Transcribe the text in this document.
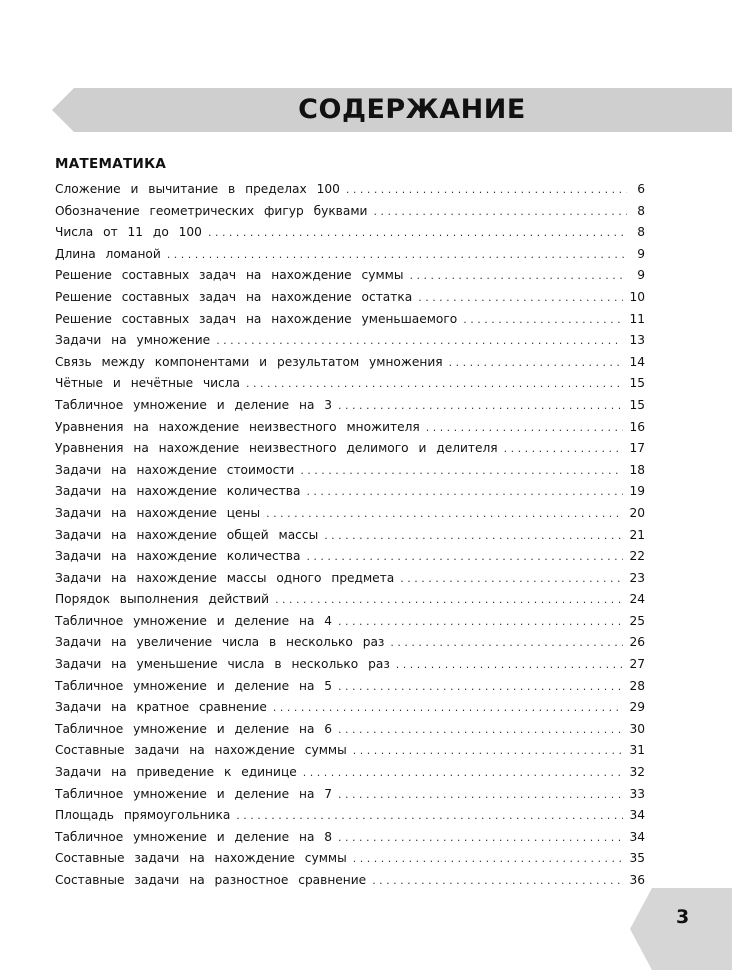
СОДЕРЖАНИЕ
МАТЕМАТИКА
Сложение и вычитание в пределах 100 . . .	6
Обозначение геометрических фигур буквами . . .	8
Числа от 11 до 100 . . .	8
Длина ломаной . . .	9
Решение составных задач на нахождение суммы . . .	9
Решение составных задач на нахождение остатка . . .	10
Решение составных задач на нахождение уменьшаемого . . .	11
Задачи на умножение . . .	13
Связь между компонентами и результатом умножения . . .	14
Чётные и нечётные числа . . .	15
Табличное умножение и деление на 3 . . .	15
Уравнения на нахождение неизвестного множителя . . .	16
Уравнения на нахождение неизвестного делимого и делителя . . .	17
Задачи на нахождение стоимости . . .	18
Задачи на нахождение количества . . .	19
Задачи на нахождение цены . . .	20
Задачи на нахождение общей массы . . .	21
Задачи на нахождение количества . . .	22
Задачи на нахождение массы одного предмета . . .	23
Порядок выполнения действий . . .	24
Табличное умножение и деление на 4 . . .	25
Задачи на увеличение числа в несколько раз . . .	26
Задачи на уменьшение числа в несколько раз . . .	27
Табличное умножение и деление на 5 . . .	28
Задачи на кратное сравнение . . .	29
Табличное умножение и деление на 6 . . .	30
Составные задачи на нахождение суммы . . .	31
Задачи на приведение к единице . . .	32
Табличное умножение и деление на 7 . . .	33
Площадь прямоугольника . . .	34
Табличное умножение и деление на 8 . . .	34
Составные задачи на нахождение суммы . . .	35
Составные задачи на разностное сравнение . . .	36
3
